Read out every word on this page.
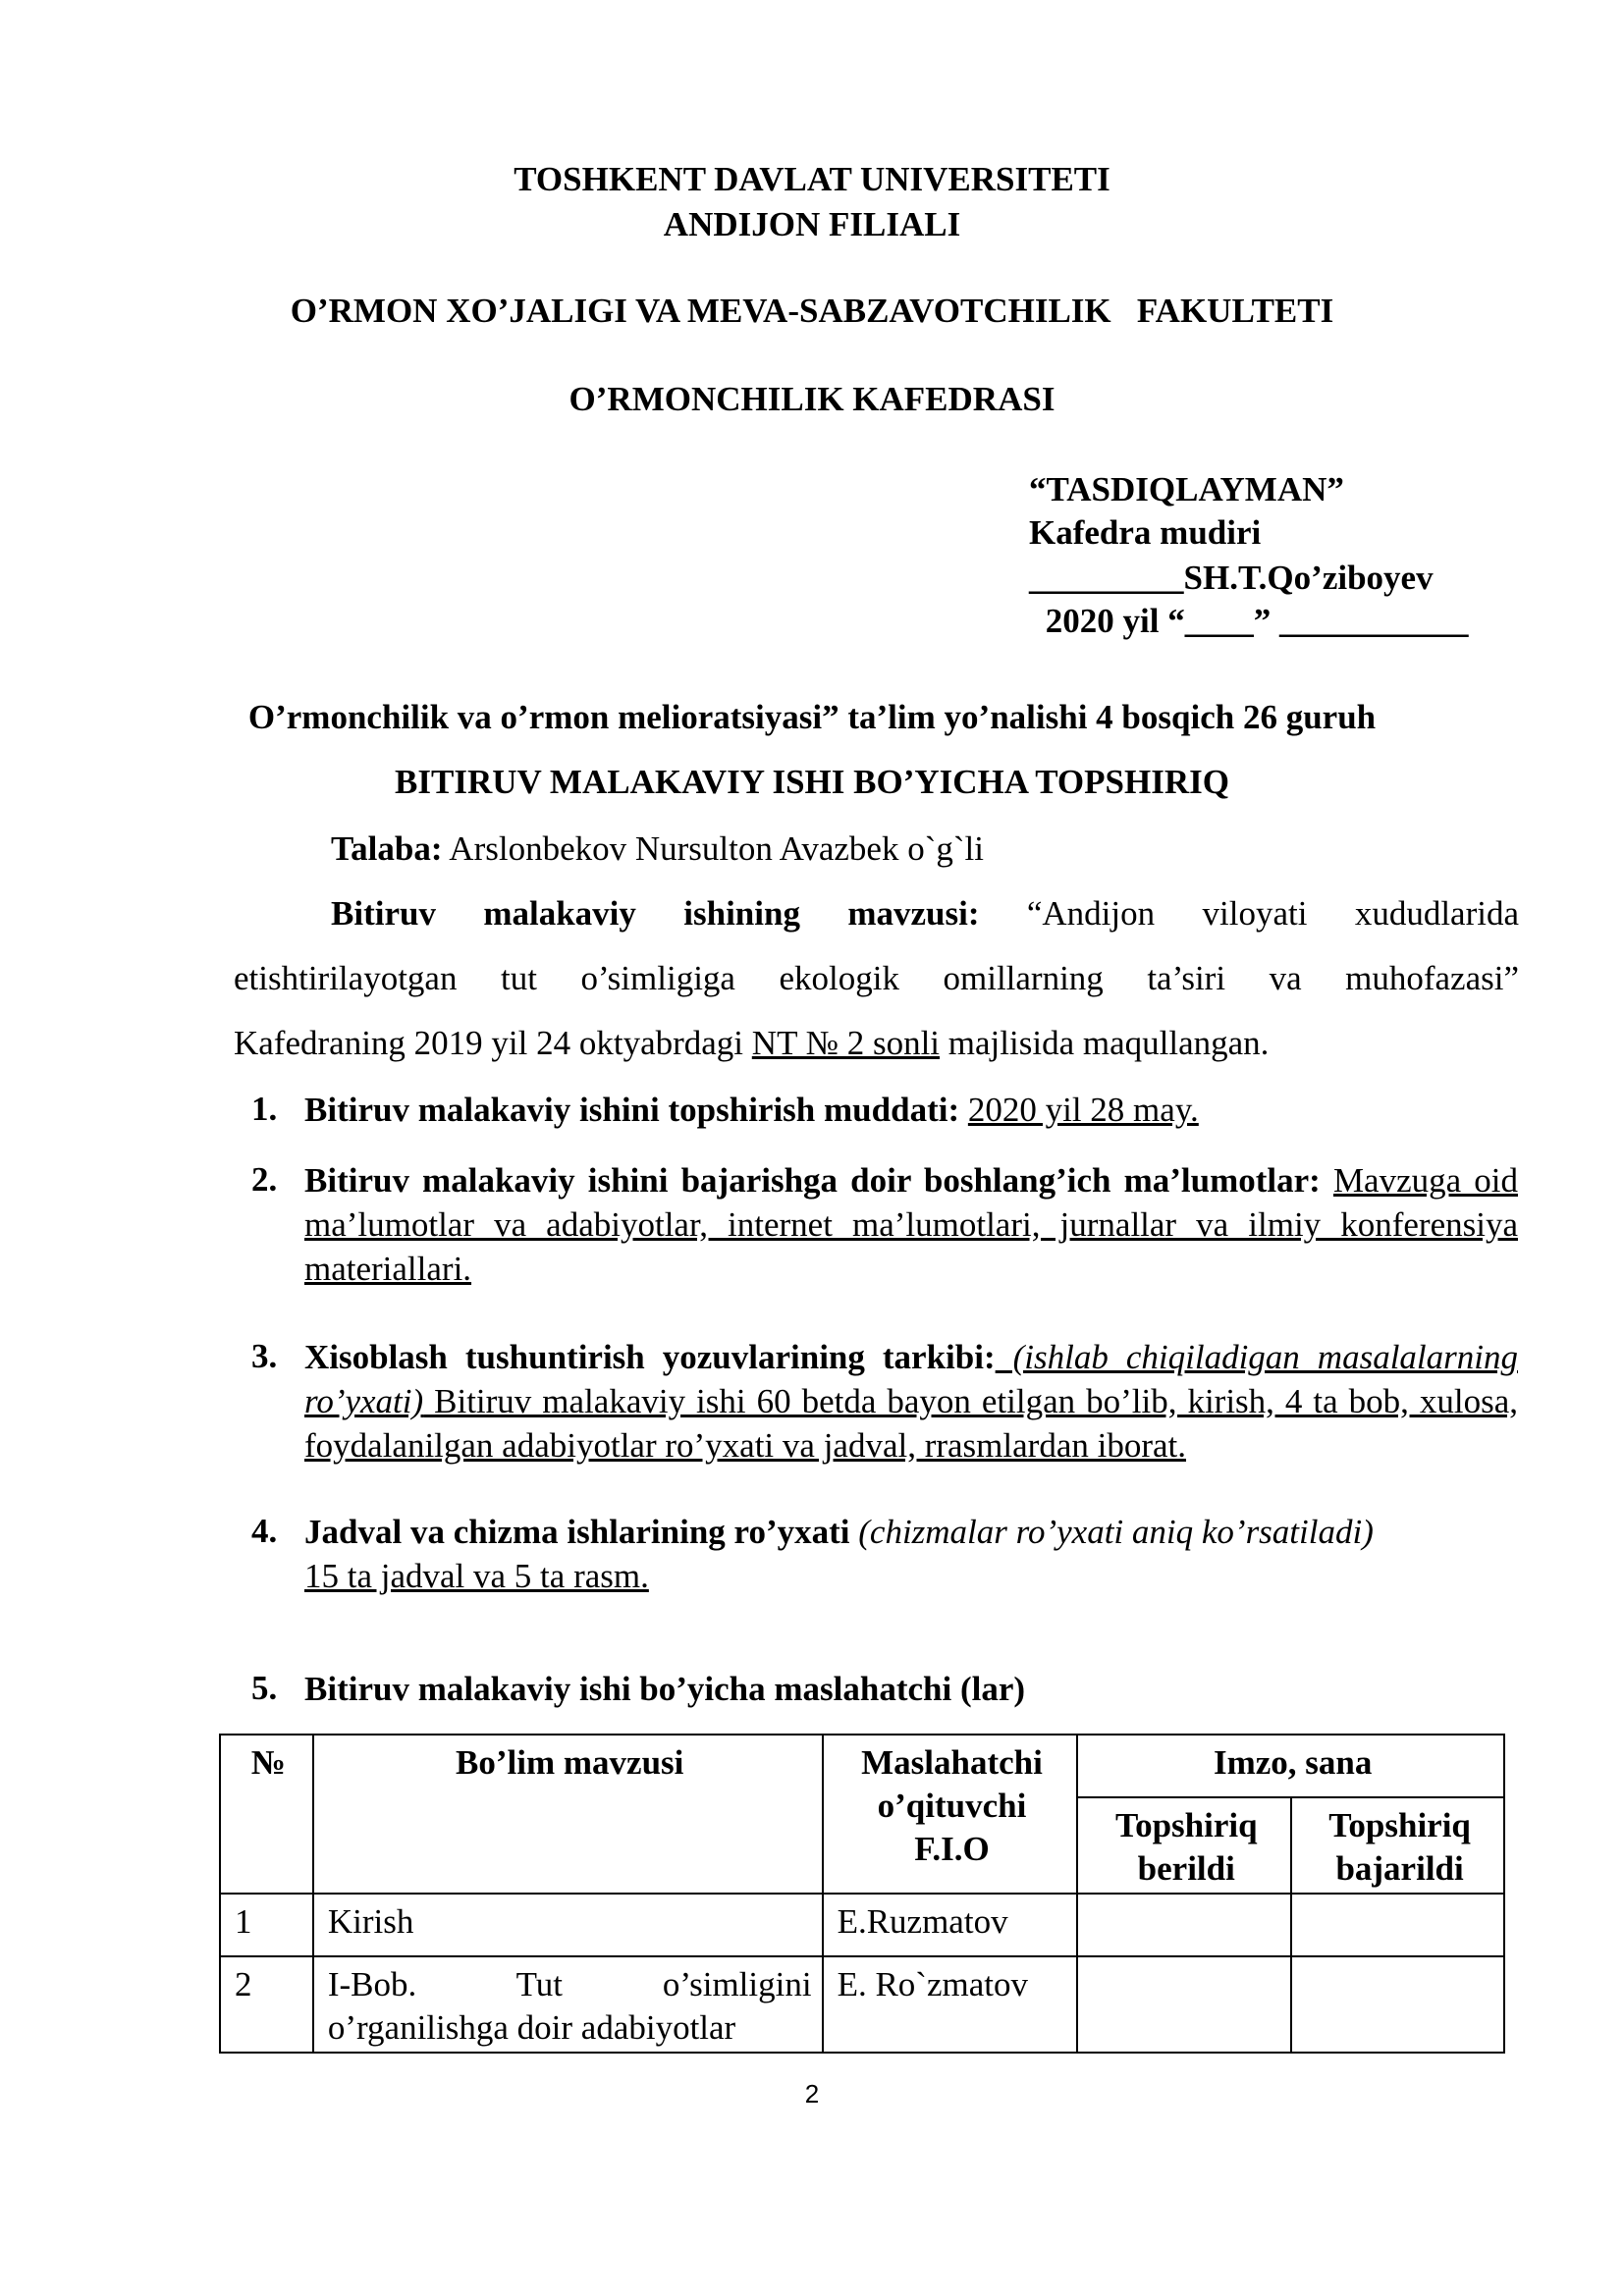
TOSHKENT DAVLAT UNIVERSITETI
ANDIJON FILIALI
O’RMON XO’JALIGI VA MEVA-SABZAVOTCHILIK   FAKULTETI
O’RMONCHILIK KAFEDRASI
“TASDIQLAYMAN”
Kafedra mudiri
_________SH.T.Qo’ziboyev
2020 yil “____” ___________
O’rmonchilik va o’rmon melioratsiyasi” ta’lim yo’nalishi 4 bosqich 26 guruh
BITIRUV MALAKAVIY ISHI BO’YICHA TOPSHIRIQ
Talaba: Arslonbekov Nursulton Avazbek o`g`li
Bitiruv malakaviy ishining mavzusi: “Andijon viloyati xududlarida
etishtirilayotgan tut o’simligiga ekologik omillarning ta’siri va muhofazasi”
Kafedraning 2019 yil 24 oktyabrdagi NT № 2 sonli majlisida maqullangan.
1. Bitiruv malakaviy ishini topshirish muddati: 2020 yil 28 may.
2. Bitiruv malakaviy ishini bajarishga doir boshlang’ich ma’lumotlar: Mavzuga oid ma’lumotlar va adabiyotlar, internet ma’lumotlari, jurnallar va ilmiy konferensiya materiallari.
3. Xisoblash tushuntirish yozuvlarining tarkibi: (ishlab chiqiladigan masalalarning ro’yxati) Bitiruv malakaviy ishi 60 betda bayon etilgan bo’lib, kirish, 4 ta bob, xulosa, foydalanilgan adabiyotlar ro’yxati va jadval, rrasmlardan iborat.
4. Jadval va chizma ishlarining ro’yxati (chizmalar ro’yxati aniq ko’rsatiladi)
15 ta jadval va 5 ta rasm.
5. Bitiruv malakaviy ishi bo’yicha maslahatchi (lar)
№	Bo’lim mavzusi	Maslahatchi o’qituvchi F.I.O	Imzo, sana	
			Topshiriq berildi	Topshiriq bajarildi
1	Kirish	E.Ruzmatov		
2	I-Bob. Tut o’simligini o’rganilishga doir adabiyotlar	E. Ro`zmatov		
2
